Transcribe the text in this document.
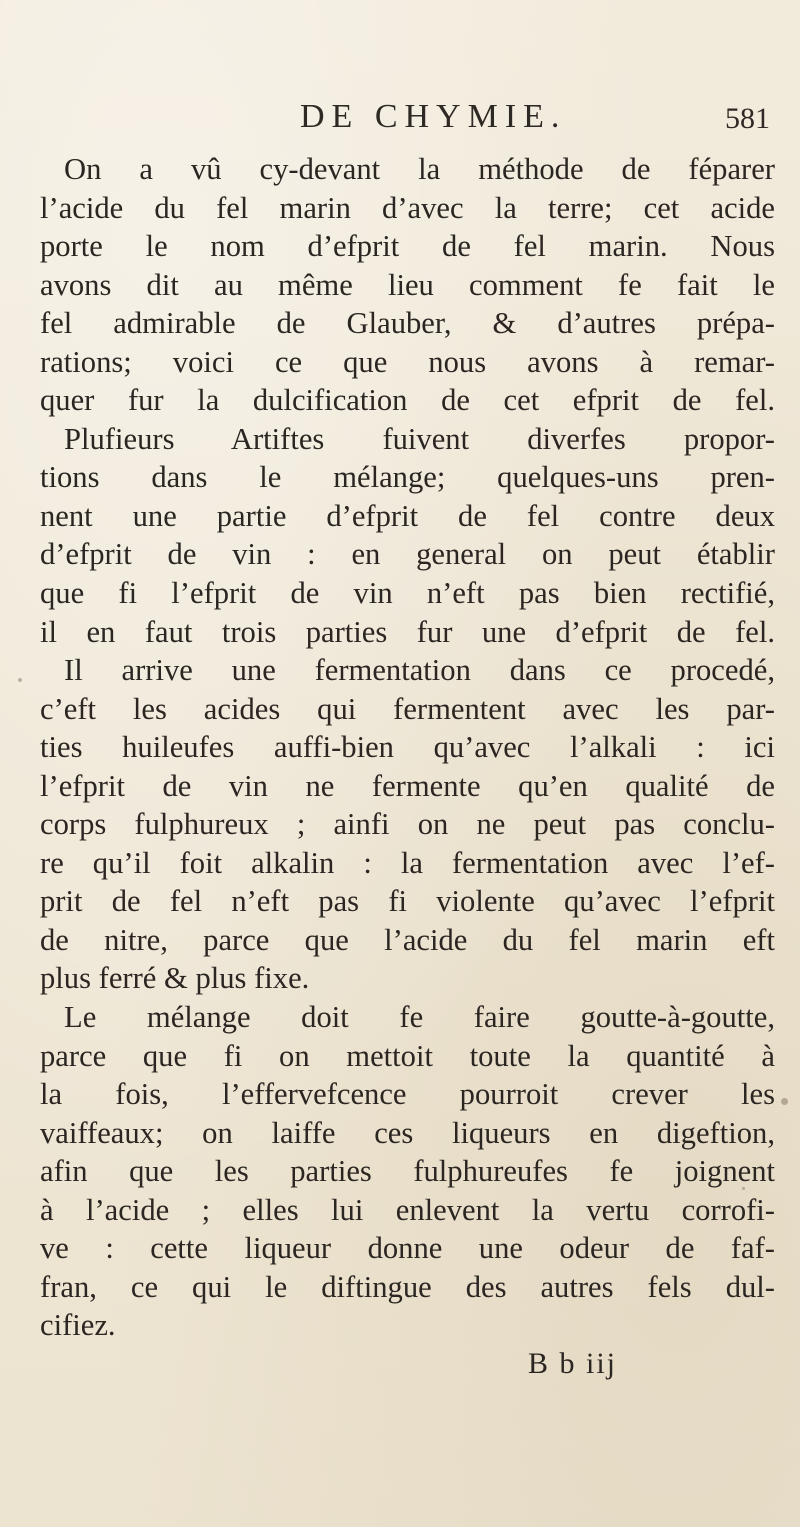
DE CHYMIE.	581
On a vû cy-devant la méthode de féparer
l’acide du fel marin d’avec la terre; cet acide
porte le nom d’efprit de fel marin. Nous
avons dit au même lieu comment fe fait le
fel admirable de Glauber, & d’autres prépa-
rations; voici ce que nous avons à remar-
quer fur la dulcification de cet efprit de fel.
Plufieurs Artiftes fuivent diverfes propor-
tions dans le mélange; quelques-uns pren-
nent une partie d’efprit de fel contre deux
d’efprit de vin : en general on peut établir
que fi l’efprit de vin n’eft pas bien rectifié,
il en faut trois parties fur une d’efprit de fel.
Il arrive une fermentation dans ce procedé,
c’eft les acides qui fermentent avec les par-
ties huileufes auffi-bien qu’avec l’alkali : ici
l’efprit de vin ne fermente qu’en qualité de
corps fulphureux ; ainfi on ne peut pas conclu-
re qu’il foit alkalin : la fermentation avec l’ef-
prit de fel n’eft pas fi violente qu’avec l’efprit
de nitre, parce que l’acide du fel marin eft
plus ferré & plus fixe.
Le mélange doit fe faire goutte-à-goutte,
parce que fi on mettoit toute la quantité à
la fois, l’effervefcence pourroit crever les
vaiffeaux; on laiffe ces liqueurs en digeftion,
afin que les parties fulphureufes fe joignent
à l’acide ; elles lui enlevent la vertu corrofi-
ve : cette liqueur donne une odeur de faf-
fran, ce qui le diftingue des autres fels dul-
cifiez.
B b iij
